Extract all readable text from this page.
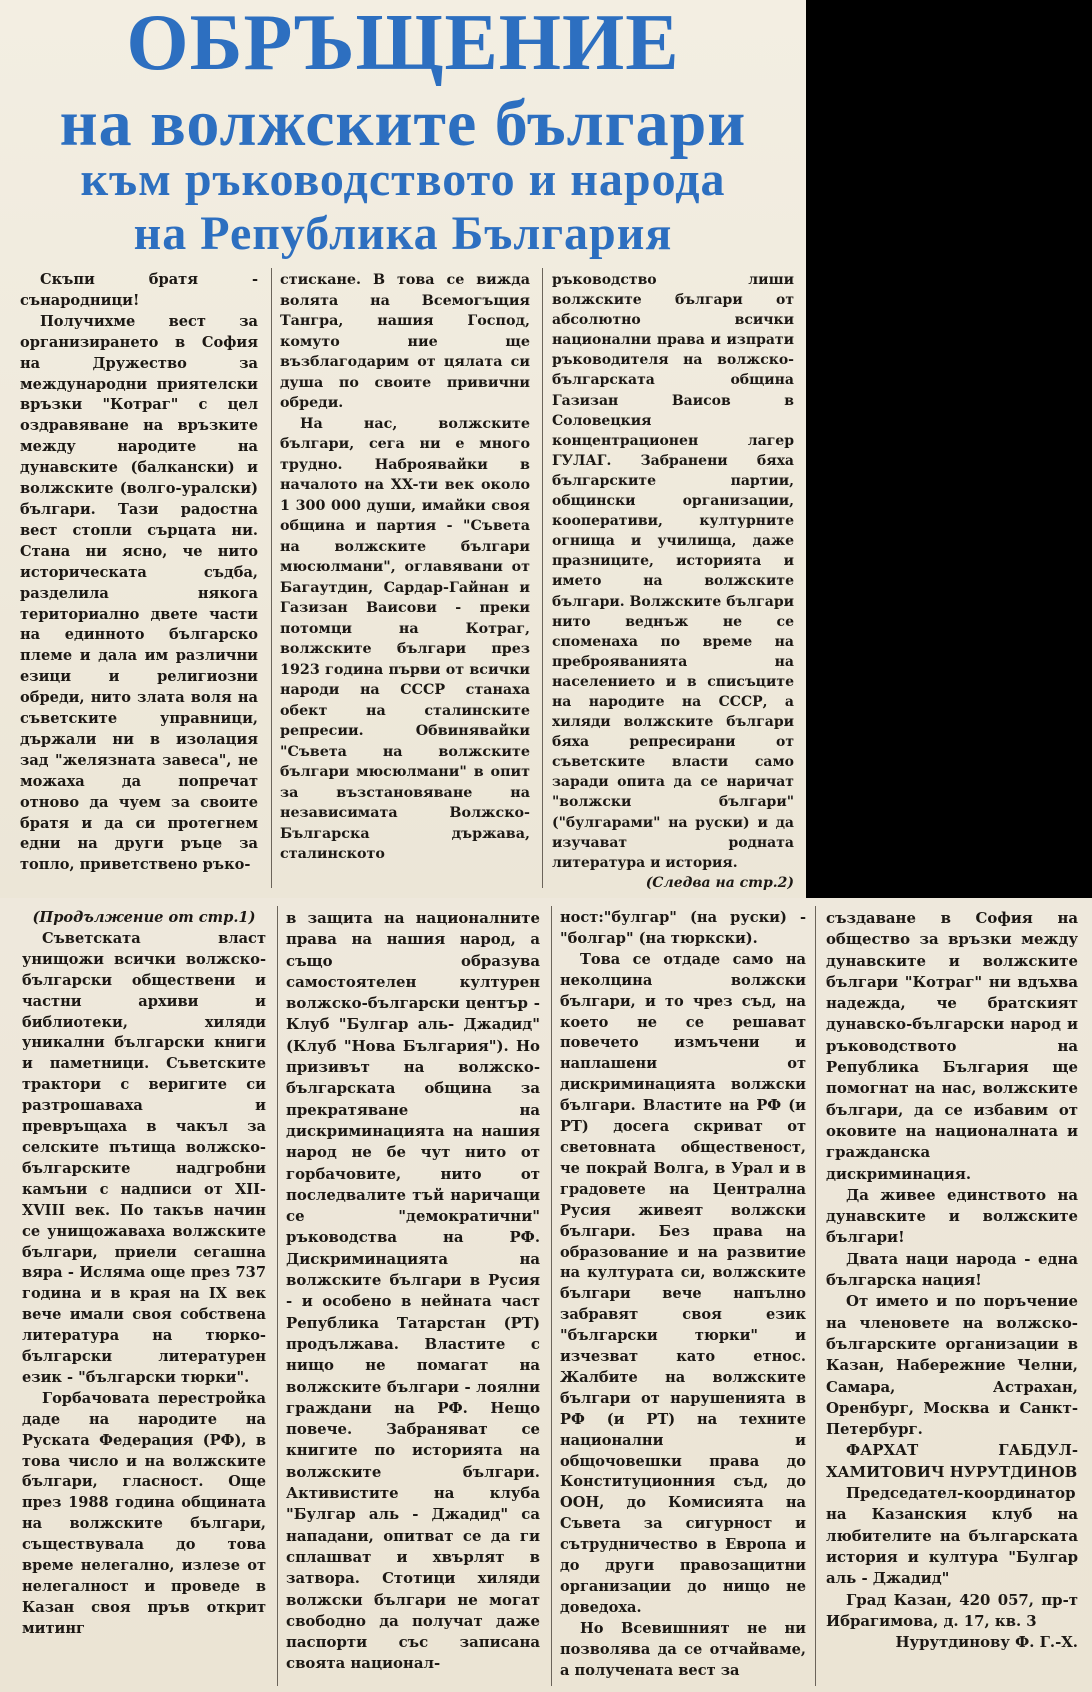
ОБРЪЩЕНИЕ
на волжските българи
към ръководството и народа
на Република България

Скъпи братя - сънародници!

Получихме вест за организирането в София на Дружество за международни приятелски връзки "Котраг" с цел оздравяване на връзките между народите на дунавските (балкански) и волжските (волго-уралски) българи. Тази радостна вест стопли сърцата ни. Стана ни ясно, че нито историческата съдба, разделила някога териториално двете части на единното българско племе и дала им различни езици и религиозни обреди, нито злата воля на съветските управници, държали ни в изолация зад "желязната завеса", не можаха да попречат отново да чуем за своите братя и да си протегнем едни на други ръце за топло, приветствено ръко-

стискане. В това се вижда волята на Всемогъщия Тангра, нашия Господ, комуто ние ще възблагодарим от цялата си душа по своите привични обреди.

На нас, волжските българи, сега ни е много трудно. Наброявайки в началото на XX-ти век около 1 300 000 души, имайки своя община и партия - "Съвета на волжските българи мюсюлмани", оглавявани от Багаутдин, Сардар-Гайнан и Газизан Ваисови - преки потомци на Котраг, волжските българи през 1923 година първи от всички народи на СССР станаха обект на сталинските репресии. Обвинявайки "Съвета на волжските българи мюсюлмани" в опит за възстановяване на независимата Волжско-Българска държава, сталинското

ръководство лиши волжските българи от абсолютно всички национални права и изпрати ръководителя на волжско-българската община Газизан Ваисов в Соловецкия концентрационен лагер ГУЛАГ. Забранени бяха българските партии, общински организации, кооперативи, културните огнища и училища, даже празниците, историята и името на волжските българи. Волжските българи нито веднъж не се споменаха по време на преброяванията на населението и в списъците на народите на СССР, а хиляди волжските българи бяха репресирани от съветските власти само заради опита да се наричат "волжски българи" ("булгарами" на руски) и да изучават родната литература и история.

(Следва на стр.2)

(Продължение от стр.1)

Съветската власт унищожи всички волжско-български обществени и частни архиви и библиотеки, хиляди уникални български книги и паметници. Съветските трактори с веригите си разтрошаваха и превръщаха в чакъл за селските пътища волжско-българските надгробни камъни с надписи от XII-XVIII век. По такъв начин се унищожаваха волжските българи, приели сегашна вяра - Исляма още през 737 година и в края на IX век вече имали своя собствена литература на тюрко-български литературен език - "български тюрки".

Горбачовата перестройка даде на народите на Руската Федерация (РФ), в това число и на волжските българи, гласност. Още през 1988 година общината на волжските българи, съществувала до това време нелегално, излезе от нелегалност и проведе в Казан своя пръв открит митинг

в защита на националните права на нашия народ, а също образува самостоятелен културен волжско-български център - Клуб "Булгар аль- Джадид" (Клуб "Нова България"). Но призивът на волжско-българската община за прекратяване на дискриминацията на нашия народ не бе чут нито от горбачовите, нито от последвалите тъй наричащи се "демократични" ръководства на РФ. Дискриминацията на волжските българи в Русия - и особено в нейната част Република Татарстан (РТ) продължава. Властите с нищо не помагат на волжските българи - лоялни граждани на РФ. Нещо повече. Забраняват се книгите по историята на волжските българи. Активистите на клуба "Булгар аль - Джадид" са нападани, опитват се да ги сплашват и хвърлят в затвора. Стотици хиляди волжски българи не могат свободно да получат даже паспорти със записана своята национал-

ност:"булгар" (на руски) - "болгар" (на тюркски).

Това се отдаде само на неколцина волжски българи, и то чрез съд, на което не се решават повечето измъчени и наплашени от дискриминацията волжски българи. Властите на РФ (и РТ) досега скриват от световната общественост, че покрай Волга, в Урал и в градовете на Централна Русия живеят волжски българи. Без права на образование и на развитие на културата си, волжските българи вече напълно забравят своя език "български тюрки" и изчезват като етнос. Жалбите на волжските българи от нарушенията в РФ (и РТ) на техните национални и общочовешки права до Конституционния съд, до ООН, до Комисията на Съвета за сигурност и сътрудничество в Европа и до други правозащитни организации до нищо не доведоха.

Но Всевишният не ни позволява да се отчайваме, а получената вест за

създаване в София на общество за връзки между дунавските и волжските българи "Котраг" ни вдъхва надежда, че братският дунавско-български народ и ръководството на Република България ще помогнат на нас, волжските българи, да се избавим от оковите на националната и гражданска дискриминация.

Да живее единството на дунавските и волжските българи!

Двата наци народа - една българска нация!

От името и по поръчение на членовете на волжско-българските организации в Казан, Набережние Челни, Самара, Астрахан, Оренбург, Москва и Санкт-Петербург.

ФАРХАТ ГАБДУЛ-ХАМИТОВИЧ НУРУТДИНОВ

Председател-координатор на Казанския клуб на любителите на българската история и култура "Булгар аль - Джадид"

Град Казан, 420 057, пр-т Ибрагимова, д. 17, кв. 3

Нурутдинову Ф. Г.-Х.
